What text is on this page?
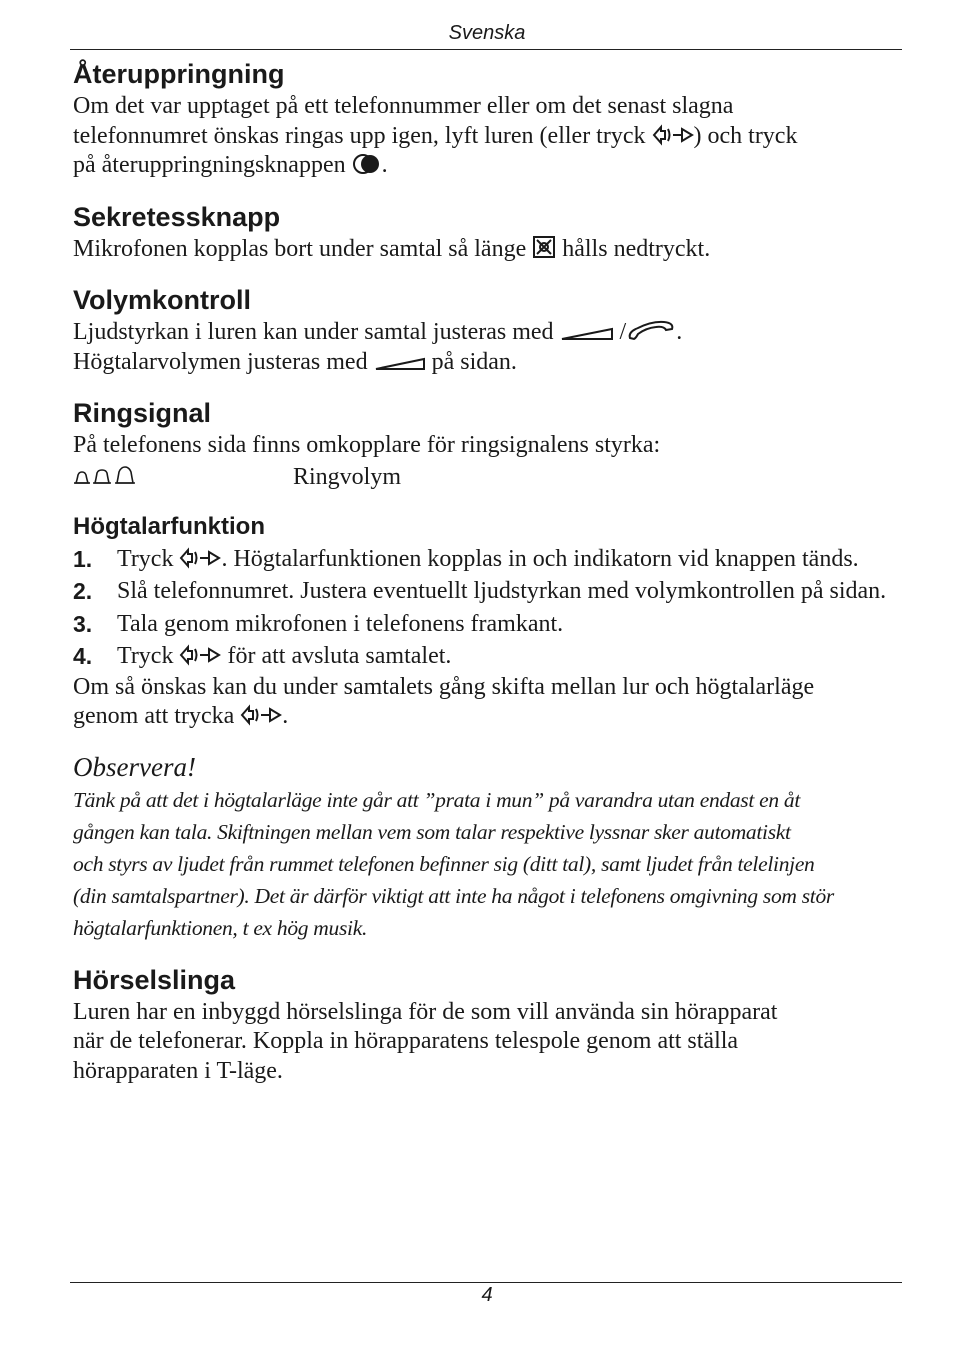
Svenska
Återuppringning

Om det var upptaget på ett telefonnummer eller om det senast slagna

telefonnumret önskas ringas upp igen, lyft luren (eller tryck ) och tryck

på återuppringningsknappen .

Sekretessknapp

Mikrofonen kopplas bort under samtal så länge  hålls nedtryckt.

Volymkontroll

Ljudstyrkan i luren kan under samtal justeras med  / .

Högtalarvolymen justeras med  på sidan.

Ringsignal

På telefonens sida finns omkopplare för ringsignalens styrka:

Ringvolym
Högtalarfunktion
1. Tryck . Högtalarfunktionen kopplas in och indikatorn vid knappen tänds.
2. Slå telefonnumret. Justera eventuellt ljudstyrkan med volymkontrollen på sidan.
3. Tala genom mikrofonen i telefonens framkant.
4. Tryck  för att avsluta samtalet.

Om så önskas kan du under samtalets gång skifta mellan lur och högtalarläge

genom att trycka .

Observera!
Tänk på att det i högtalarläge inte går att ”prata i mun” på varandra utan endast en åt
gången kan tala. Skiftningen mellan vem som talar respektive lyssnar sker automatiskt
och styrs av ljudet från rummet telefonen befinner sig (ditt tal), samt ljudet från telelinjen
(din samtalspartner). Det är därför viktigt att inte ha något i telefonens omgivning som stör
högtalarfunktionen, t ex hög musik.
Hörselslinga

Luren har en inbyggd hörselslinga för de som vill använda sin hörapparat

när de telefonerar. Koppla in hörapparatens telespole genom att ställa

hörapparaten i T-läge.

4
